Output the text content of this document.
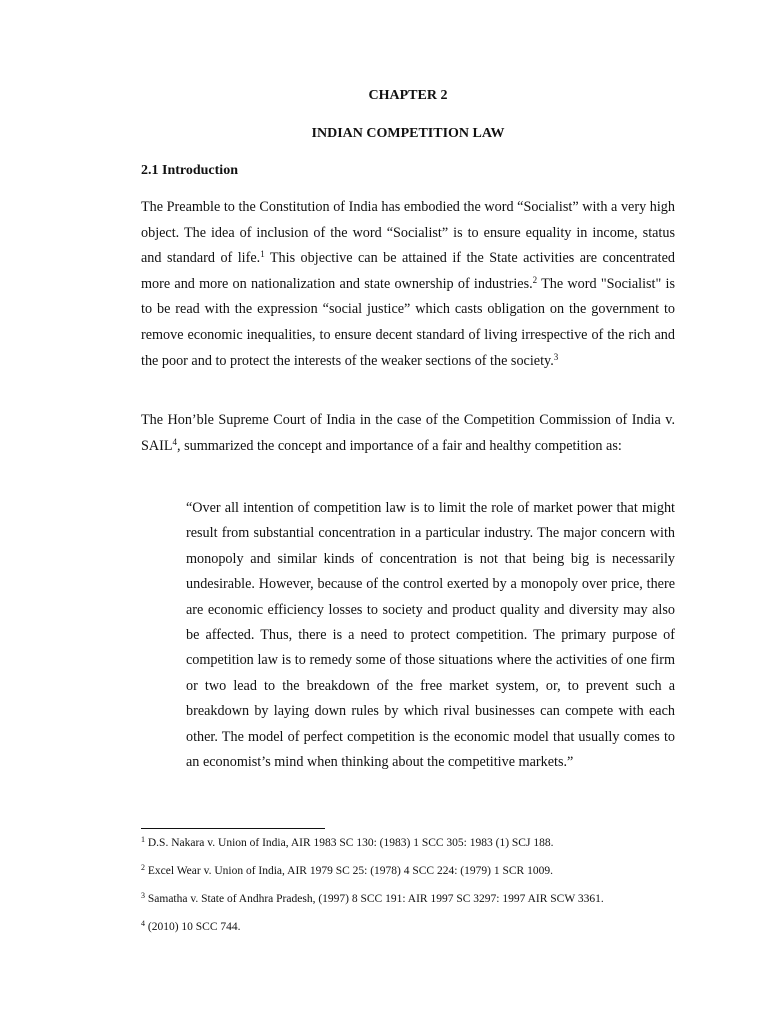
CHAPTER 2
INDIAN COMPETITION LAW
2.1 Introduction

The Preamble to the Constitution of India has embodied the word “Socialist” with a very high object. The idea of inclusion of the word “Socialist” is to ensure equality in income, status and standard of life.$^1$ This objective can be attained if the State activities are concentrated more and more on nationalization and state ownership of industries.$^2$ The word "Socialist" is to be read with the expression “social justice” which casts obligation on the government to remove economic inequalities, to ensure decent standard of living irrespective of the rich and the poor and to protect the interests of the weaker sections of the society.$^3$

The Hon’ble Supreme Court of India in the case of the Competition Commission of India v. SAIL$^4$, summarized the concept and importance of a fair and healthy competition as:

“Over all intention of competition law is to limit the role of market power that might result from substantial concentration in a particular industry. The major concern with monopoly and similar kinds of concentration is not that being big is necessarily undesirable. However, because of the control exerted by a monopoly over price, there are economic efficiency losses to society and product quality and diversity may also be affected. Thus, there is a need to protect competition. The primary purpose of competition law is to remedy some of those situations where the activities of one firm or two lead to the breakdown of the free market system, or, to prevent such a breakdown by laying down rules by which rival businesses can compete with each other. The model of perfect competition is the economic model that usually comes to an economist’s mind when thinking about the competitive markets.”

$^1$ D.S. Nakara v. Union of India, AIR 1983 SC 130: (1983) 1 SCC 305: 1983 (1) SCJ 188.
$^2$ Excel Wear v. Union of India, AIR 1979 SC 25: (1978) 4 SCC 224: (1979) 1 SCR 1009.
$^3$ Samatha v. State of Andhra Pradesh, (1997) 8 SCC 191: AIR 1997 SC 3297: 1997 AIR SCW 3361.
$^4$ (2010) 10 SCC 744.
